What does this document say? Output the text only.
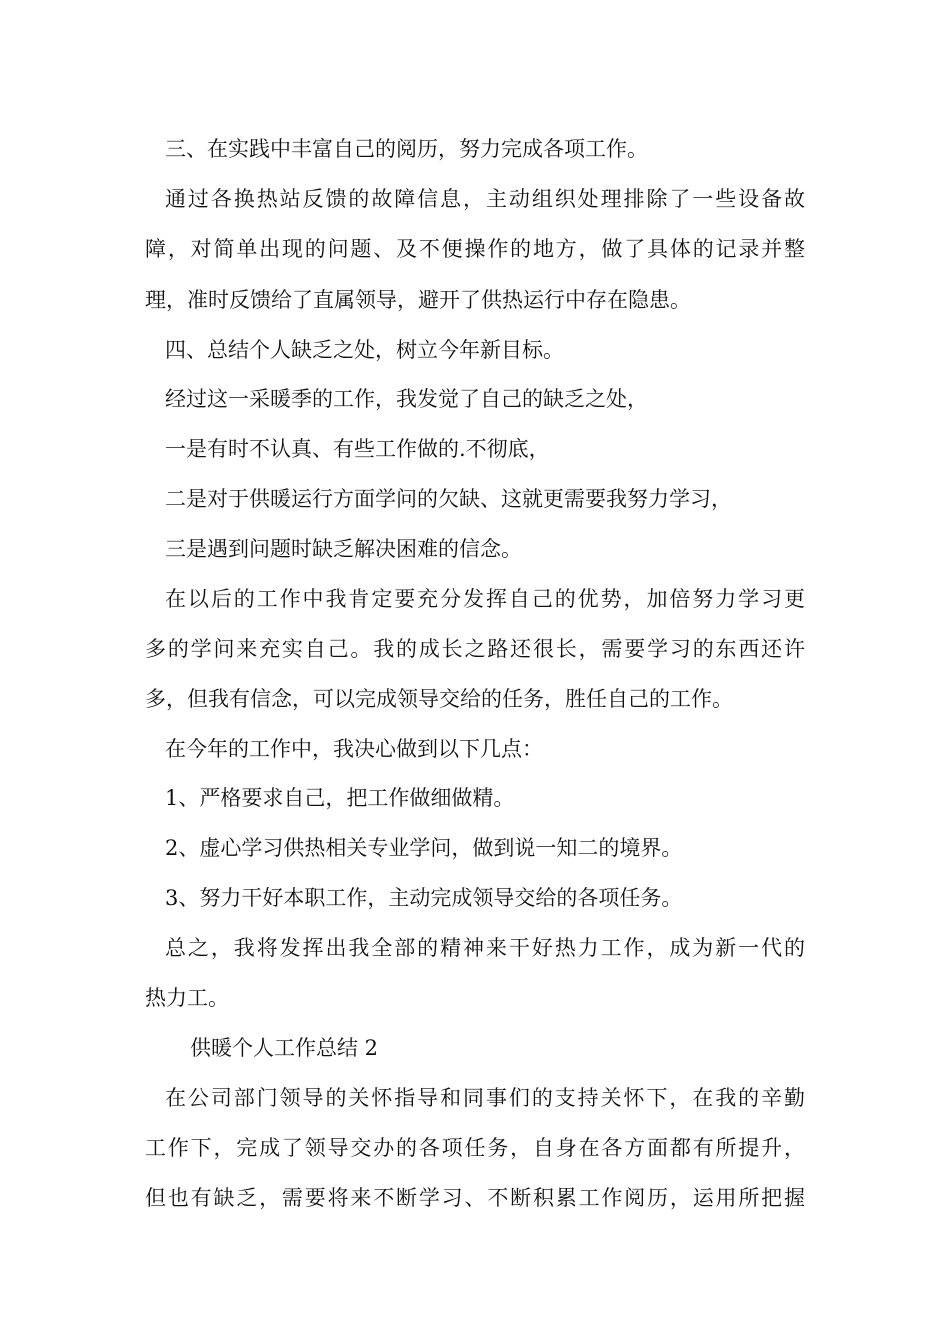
三、在实践中丰富自己的阅历，努力完成各项工作。
通过各换热站反馈的故障信息，主动组织处理排除了一些设备故
障，对简单出现的问题、及不便操作的地方，做了具体的记录并整
理，准时反馈给了直属领导，避开了供热运行中存在隐患。
四、总结个人缺乏之处，树立今年新目标。
经过这一采暖季的工作，我发觉了自己的缺乏之处，
一是有时不认真、有些工作做的.不彻底，
二是对于供暖运行方面学问的欠缺、这就更需要我努力学习，
三是遇到问题时缺乏解决困难的信念。
在以后的工作中我肯定要充分发挥自己的优势，加倍努力学习更
多的学问来充实自己。我的成长之路还很长，需要学习的东西还许
多，但我有信念，可以完成领导交给的任务，胜任自己的工作。
在今年的工作中，我决心做到以下几点：
1、严格要求自己，把工作做细做精。
2、虚心学习供热相关专业学问，做到说一知二的境界。
3、努力干好本职工作，主动完成领导交给的各项任务。
总之，我将发挥出我全部的精神来干好热力工作，成为新一代的
热力工。
供暖个人工作总结 2
在公司部门领导的关怀指导和同事们的支持关怀下，在我的辛勤
工作下，完成了领导交办的各项任务，自身在各方面都有所提升，
但也有缺乏，需要将来不断学习、不断积累工作阅历，运用所把握
